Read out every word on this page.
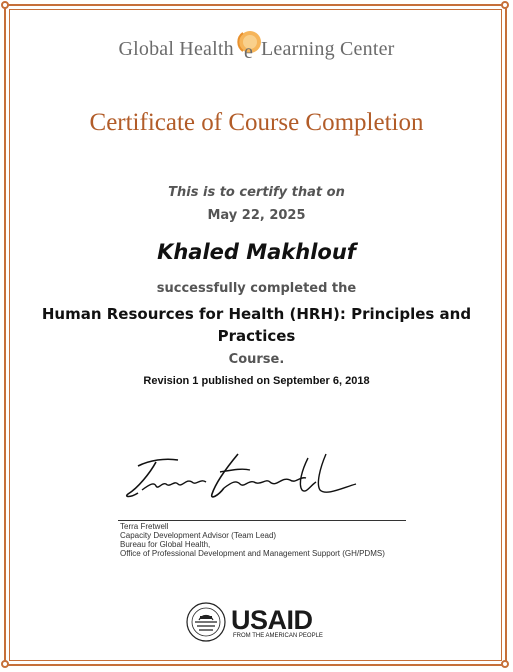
Global Health e Learning Center
Certificate of Course Completion
This is to certify that on
May 22, 2025
Khaled Makhlouf
successfully completed the
Human Resources for Health (HRH): Principles and Practices
Course.
Revision 1 published on September 6, 2018
Terra Fretwell
Capacity Development Advisor (Team Lead)
Bureau for Global Health,
Office of Professional Development and Management Support (GH/PDMS)
USAID
FROM THE AMERICAN PEOPLE
